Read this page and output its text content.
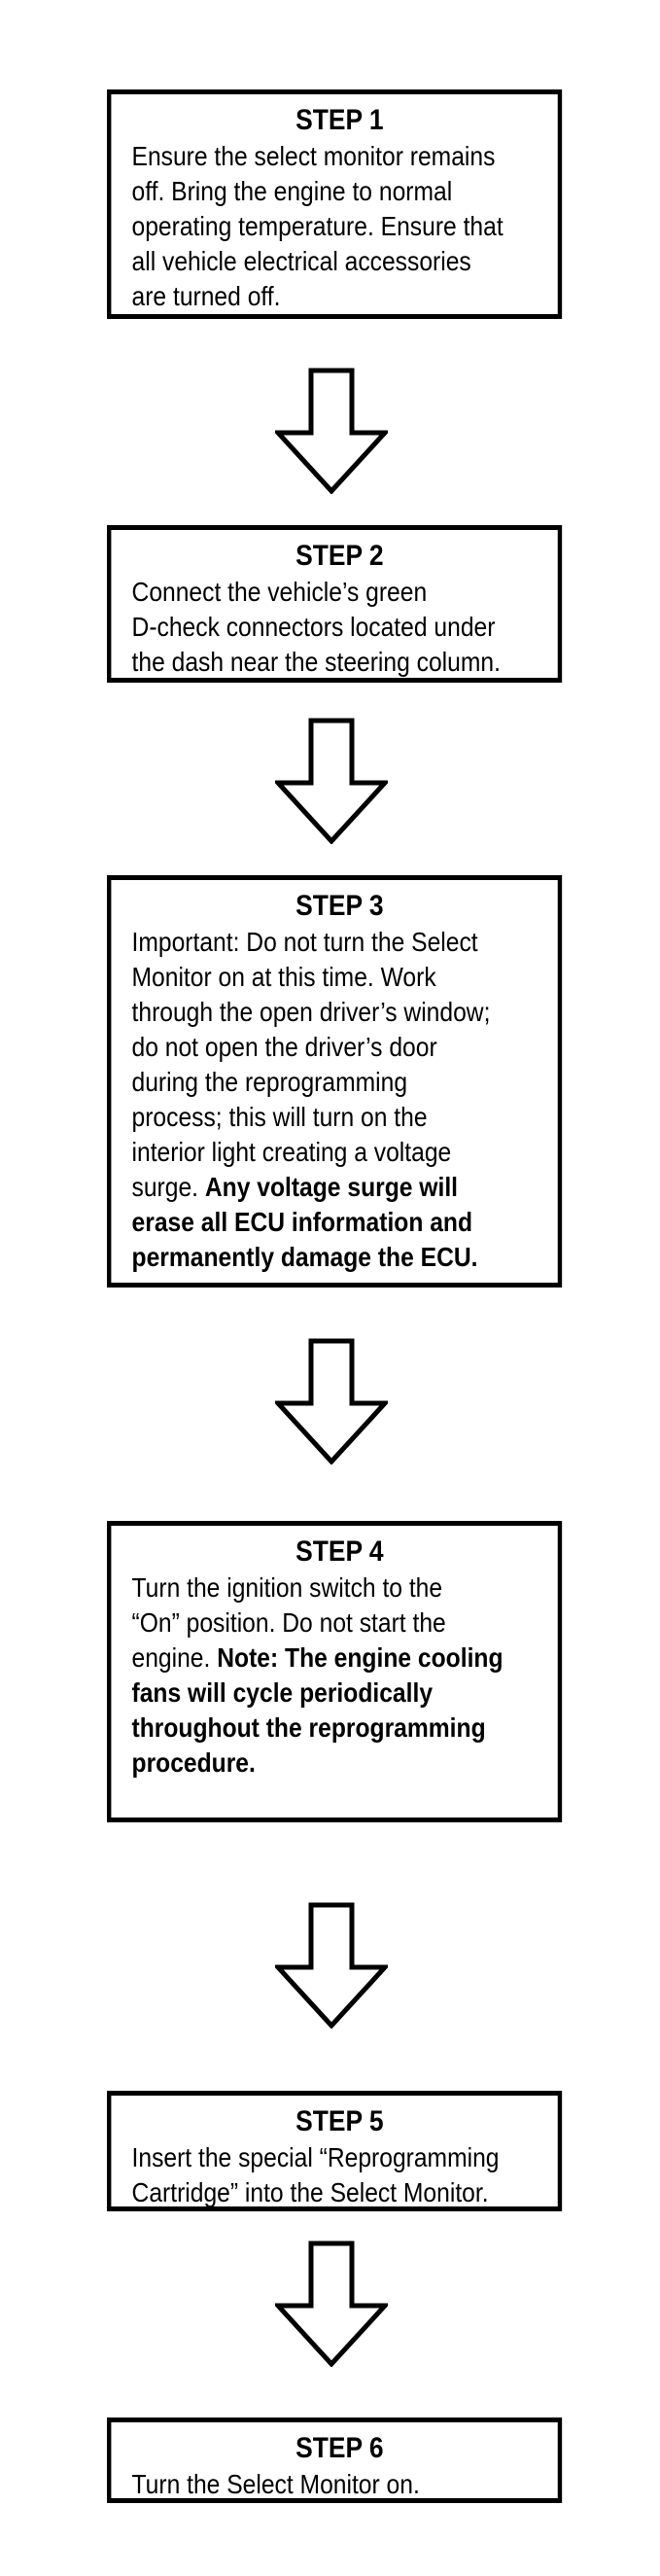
STEP 1
Ensure the select monitor remains
off. Bring the engine to normal
operating temperature. Ensure that
all vehicle electrical accessories
are turned off.
STEP 2
Connect the vehicle’s green
D-check connectors located under
the dash near the steering column.
STEP 3
Important: Do not turn the Select
Monitor on at this time. Work
through the open driver’s window;
do not open the driver’s door
during the reprogramming
process; this will turn on the
interior light creating a voltage
surge. Any voltage surge will
erase all ECU information and
permanently damage the ECU.
STEP 4
Turn the ignition switch to the
“On” position. Do not start the
engine. Note: The engine cooling
fans will cycle periodically
throughout the reprogramming
procedure.
STEP 5
Insert the special “Reprogramming
Cartridge” into the Select Monitor.
STEP 6
Turn the Select Monitor on.
